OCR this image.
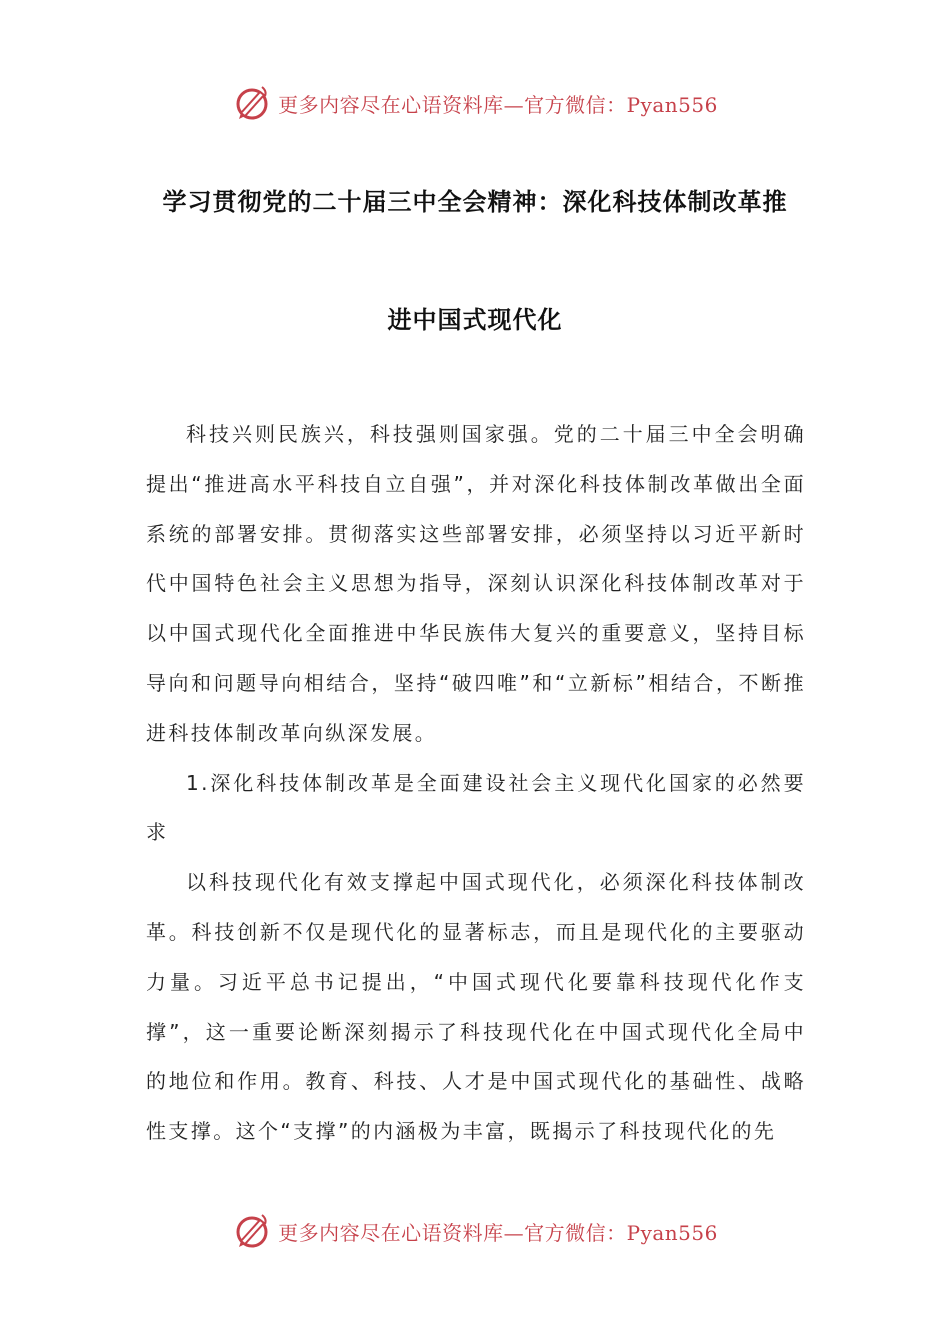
更多内容尽在心语资料库—官方微信：Pyan556
学习贯彻党的二十届三中全会精神：深化科技体制改革推
进中国式现代化

科技兴则民族兴，科技强则国家强。党的二十届三中全会明确提出“推进高水平科技自立自强”，并对深化科技体制改革做出全面系统的部署安排。贯彻落实这些部署安排，必须坚持以习近平新时代中国特色社会主义思想为指导，深刻认识深化科技体制改革对于以中国式现代化全面推进中华民族伟大复兴的重要意义，坚持目标导向和问题导向相结合，坚持“破四唯”和“立新标”相结合，不断推进科技体制改革向纵深发展。

1.深化科技体制改革是全面建设社会主义现代化国家的必然要求

以科技现代化有效支撑起中国式现代化，必须深化科技体制改革。科技创新不仅是现代化的显著标志，而且是现代化的主要驱动力量。习近平总书记提出，“中国式现代化要靠科技现代化作支撑”，这一重要论断深刻揭示了科技现代化在中国式现代化全局中的地位和作用。教育、科技、人才是中国式现代化的基础性、战略性支撑。这个“支撑”的内涵极为丰富，既揭示了科技现代化的先

更多内容尽在心语资料库—官方微信：Pyan556
